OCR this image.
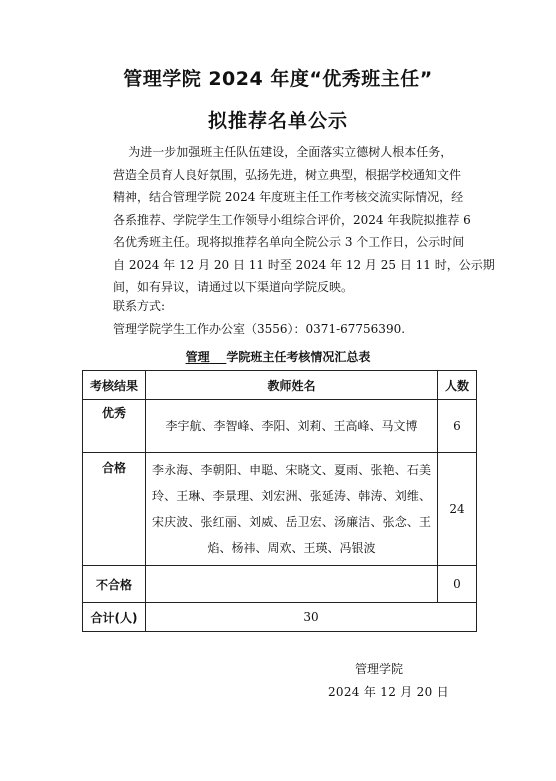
管理学院 2024 年度“优秀班主任”
拟推荐名单公示
为进一步加强班主任队伍建设，全面落实立德树人根本任务，
营造全员育人良好氛围，弘扬先进，树立典型，根据学校通知文件
精神，结合管理学院 2024 年度班主任工作考核交流实际情况，经
各系推荐、学院学生工作领导小组综合评价，2024 年我院拟推荐 6
名优秀班主任。现将拟推荐名单向全院公示 3 个工作日，公示时间
自 2024 年 12 月 20 日 11 时至 2024 年 12 月 25 日 11 时，公示期
间，如有异议，请通过以下渠道向学院反映。
联系方式:
管理学院学生工作办公室（3556）：0371-67756390.
管理 学院班主任考核情况汇总表
考核结果	教师姓名	人数
优秀	李宇航、李智峰、李阳、刘莉、王高峰、马文博	6
合格	李永海、李朝阳、申聪、宋晓文、夏雨、张艳、石美玲、王琳、李景理、刘宏洲、张延涛、韩涛、刘维、宋庆波、张红丽、刘威、岳卫宏、汤廉洁、张念、王焰、杨祎、周欢、王瑛、冯银波	24
不合格		0
合计(人)	30	
管理学院
2024 年 12 月 20 日
